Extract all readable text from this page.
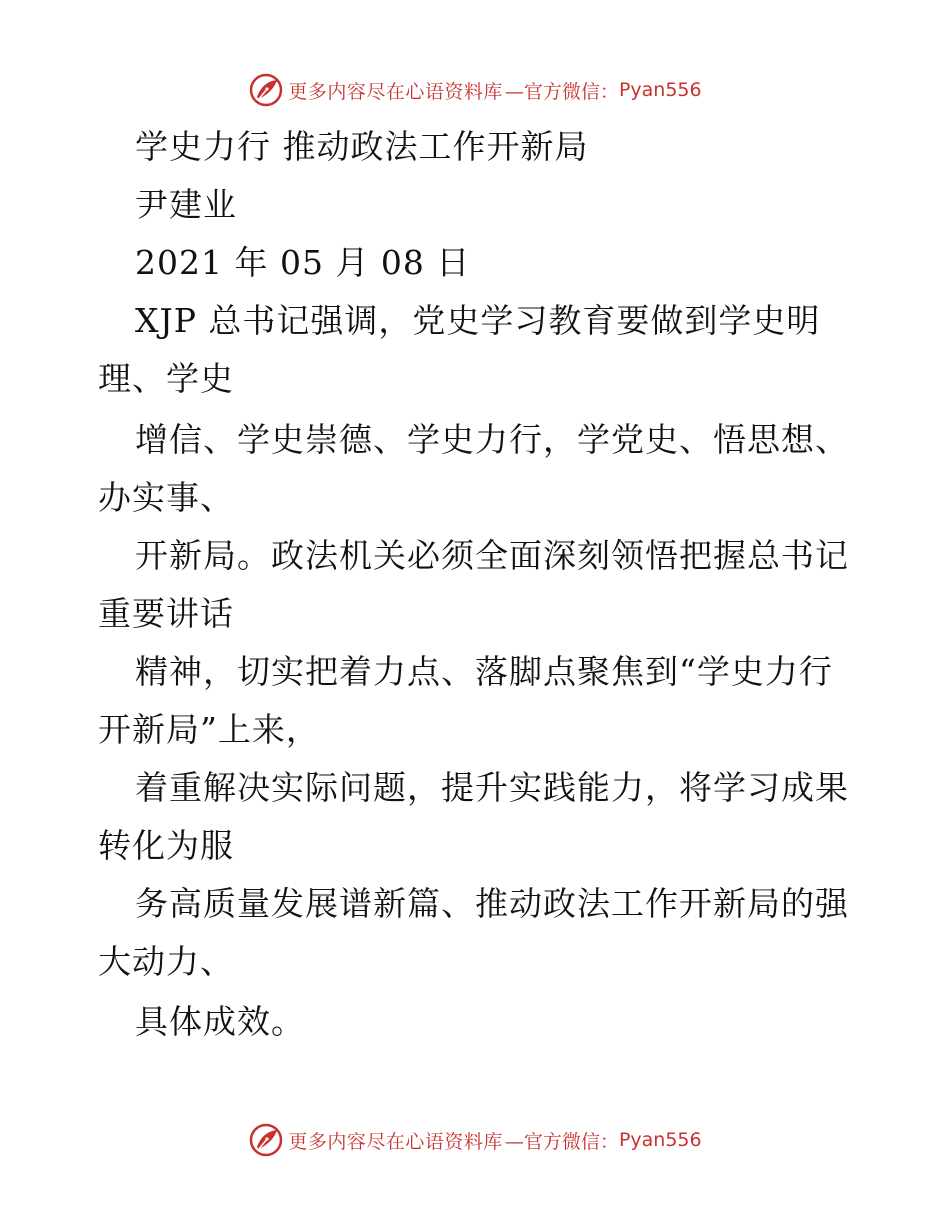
更多内容尽在心语资料库 —官方微信： Pyan556
学史力行 推动政法工作开新局
尹建业
2021 年 05 月 08 日
XJP 总书记强调，党史学习教育要做到学史明
理、学史
增信、学史崇德、学史力行，学党史、悟思想、
办实事、
开新局。政法机关必须全面深刻领悟把握总书记
重要讲话
精神，切实把着力点、落脚点聚焦到“学史力行
开新局”上来，
着重解决实际问题，提升实践能力，将学习成果
转化为服
务高质量发展谱新篇、推动政法工作开新局的强
大动力、
具体成效。
更多内容尽在心语资料库 —官方微信： Pyan556
